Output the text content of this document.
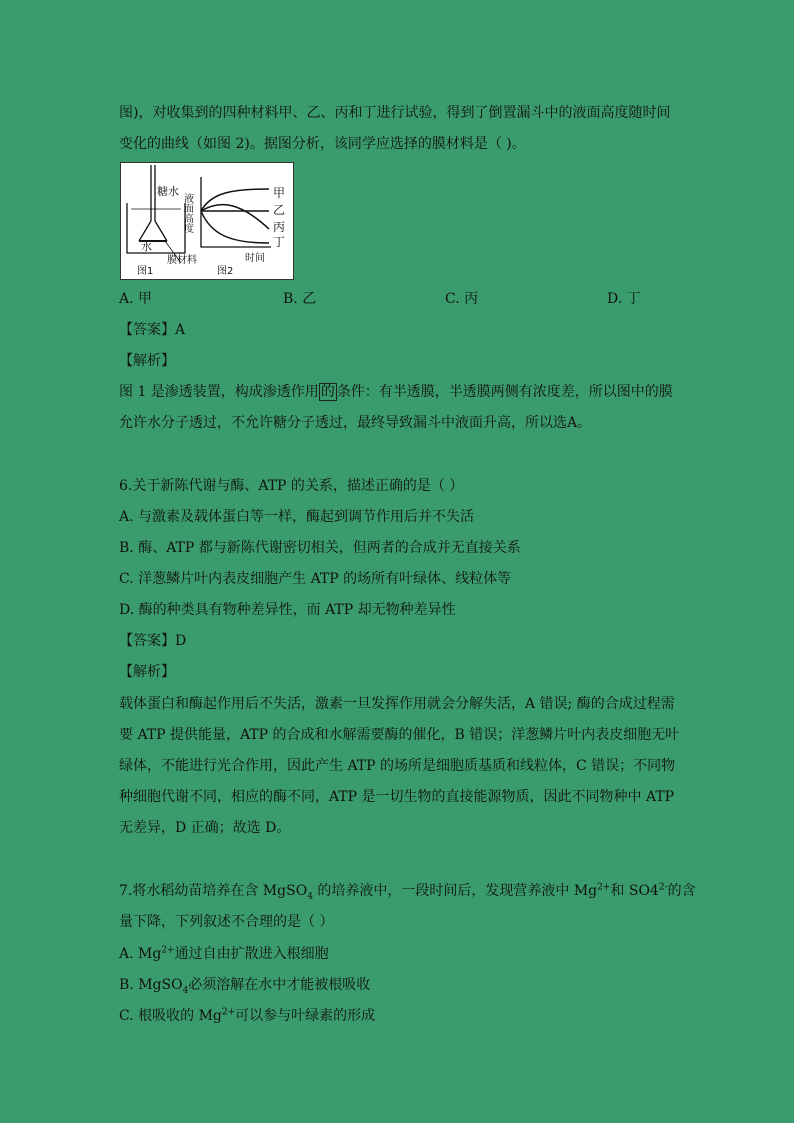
图)，对收集到的四种材料甲、乙、丙和丁进行试验，得到了倒置漏斗中的液面高度随时间
变化的曲线（如图 2)。据图分析，该同学应选择的膜材料是（ )。
糖水
水
膜材料
图1
液面高度	甲
乙
丙
丁
时间
图2
A. 甲	B. 乙	C. 丙	D. 丁
【答案】A
【解析】
图 1 是渗透装置，构成渗透作用 的 条件：有半透膜，半透膜两侧有浓度差，所以图中的膜
允许水分子透过，不允许糖分子透过，最终导致漏斗中液面升高，所以选A。
6.关于新陈代谢与酶、ATP 的关系，描述正确的是（ ）
A. 与激素及载体蛋白等一样，酶起到调节作用后并不失活
B. 酶、ATP 都与新陈代谢密切相关，但两者的合成并无直接关系
C. 洋葱鳞片叶内表皮细胞产生 ATP 的场所有叶绿体、线粒体等
D. 酶的种类具有物种差异性，而 ATP 却无物种差异性
【答案】D
【解析】
载体蛋白和酶起作用后不失活，激素一旦发挥作用就会分解失活，A 错误; 酶的合成过程需
要 ATP 提供能量，ATP 的合成和水解需要酶的催化，B 错误；洋葱鳞片叶内表皮细胞无叶
绿体，不能进行光合作用，因此产生 ATP 的场所是细胞质基质和线粒体，C 错误；不同物
种细胞代谢不同，相应的酶不同，ATP 是一切生物的直接能源物质，因此不同物种中 ATP
无差异，D 正确；故选 D。
7.将水稻幼苗培养在含 MgSO$_4$ 的培养液中，一段时间后，发现营养液中 $Mg^{2+}$和 $SO4^{2-}$的含
量下降，下列叙述不合理的是（ ）
A. $Mg^{2+}$通过自由扩散进入根细胞
B. MgSO$_4$必须溶解在水中才能被根吸收
C. 根吸收的 $Mg^{2+}$可以参与叶绿素的形成
